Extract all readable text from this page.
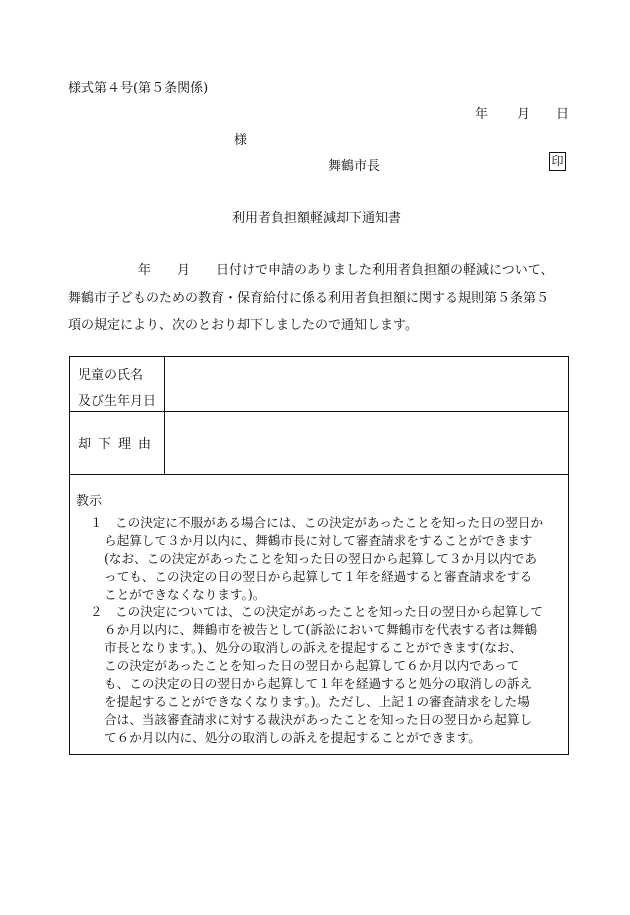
様式第４号(第５条関係)
年 月 日
様
舞鶴市長	印
利用者負担額軽減却下通知書
年 月 日付けで申請のありました利用者負担額の軽減について、
舞鶴市子どものための教育・保育給付に係る利用者負担額に関する規則第５条第５
項の規定により、次のとおり却下しましたので通知します。
児童の氏名
及び生年月日
却下理由
教示
１ この決定に不服がある場合には、この決定があったことを知った日の翌日か
ら起算して３か月以内に、舞鶴市長に対して審査請求をすることができます
(なお、この決定があったことを知った日の翌日から起算して３か月以内であ
っても、この決定の日の翌日から起算して１年を経過すると審査請求をする
ことができなくなります。)。
２ この決定については、この決定があったことを知った日の翌日から起算して
６か月以内に、舞鶴市を被告として(訴訟において舞鶴市を代表する者は舞鶴
市長となります。)、処分の取消しの訴えを提起することができます(なお、
この決定があったことを知った日の翌日から起算して６か月以内であって
も、この決定の日の翌日から起算して１年を経過すると処分の取消しの訴え
を提起することができなくなります。)。ただし、上記１の審査請求をした場
合は、当該審査請求に対する裁決があったことを知った日の翌日から起算し
て６か月以内に、処分の取消しの訴えを提起することができます。
